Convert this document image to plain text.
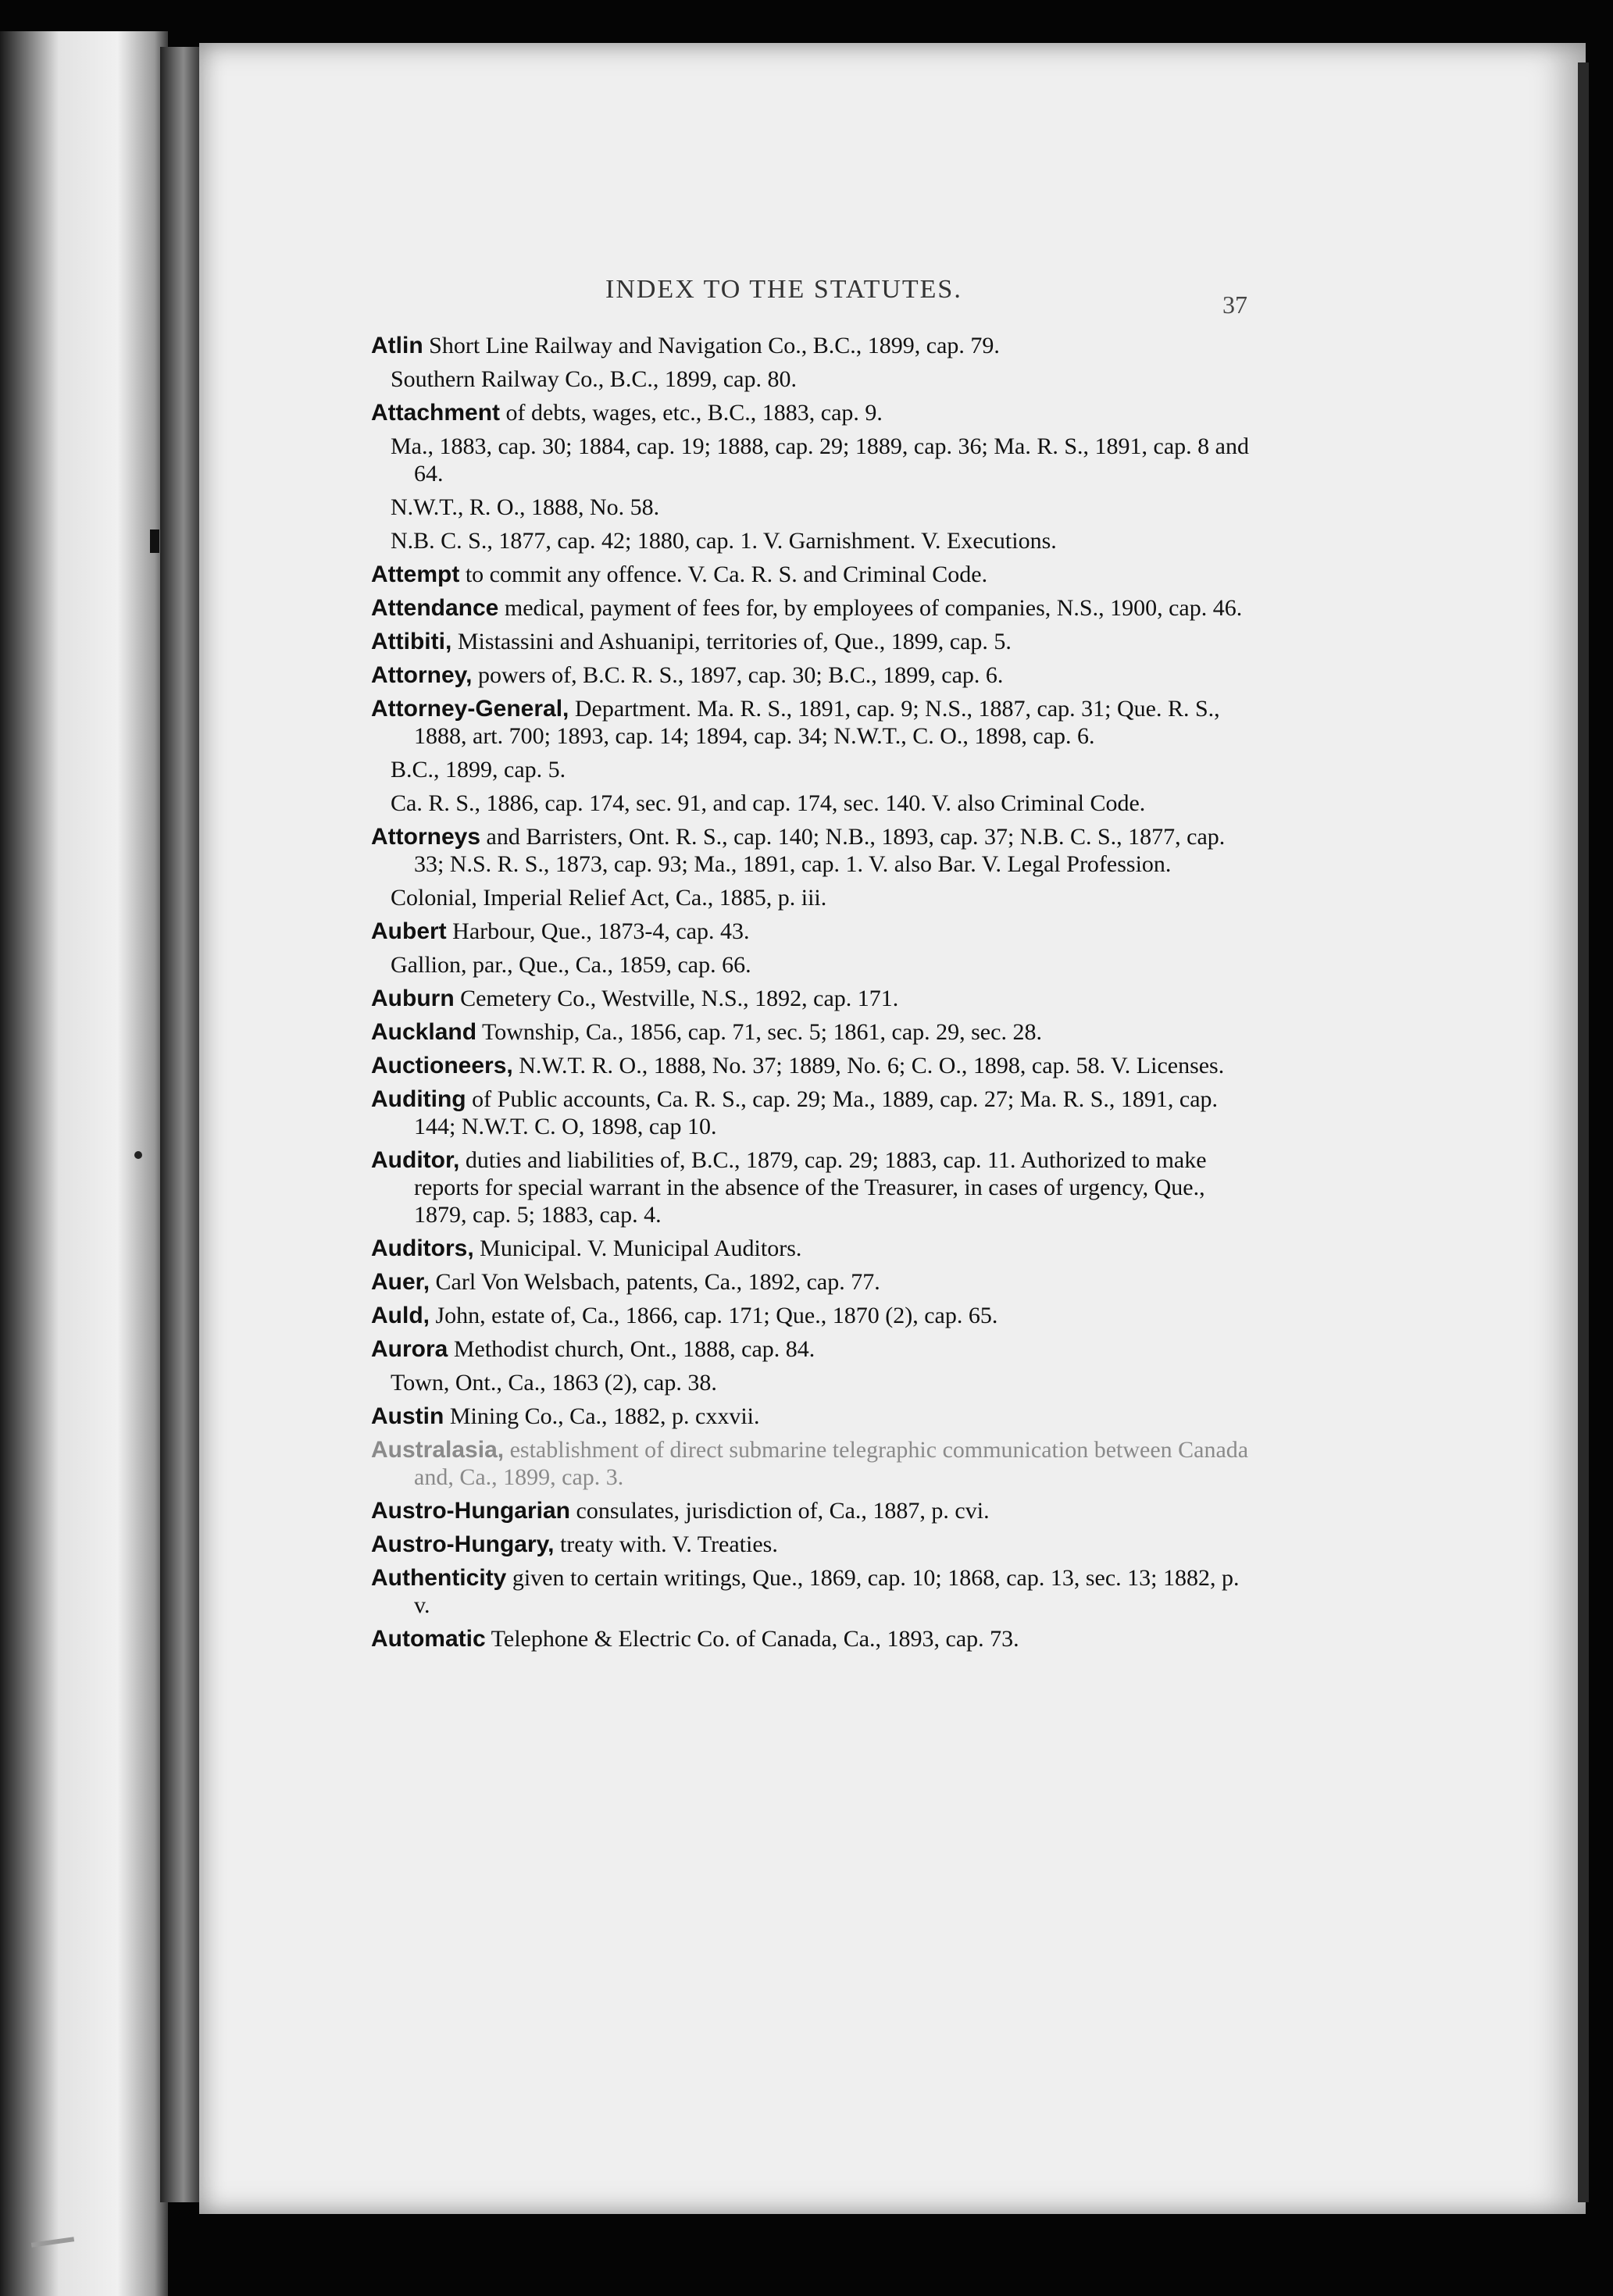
INDEX TO THE STATUTES.
37
Atlin Short Line Railway and Navigation Co., B.C., 1899, cap. 79.
Southern Railway Co., B.C., 1899, cap. 80.
Attachment of debts, wages, etc., B.C., 1883, cap. 9.
Ma., 1883, cap. 30; 1884, cap. 19; 1888, cap. 29; 1889, cap. 36; Ma. R. S., 1891, cap. 8 and 64.
N.W.T., R. O., 1888, No. 58.
N.B. C. S., 1877, cap. 42; 1880, cap. 1. V. Garnishment. V. Executions.
Attempt to commit any offence. V. Ca. R. S. and Criminal Code.
Attendance medical, payment of fees for, by employees of companies, N.S., 1900, cap. 46.
Attibiti, Mistassini and Ashuanipi, territories of, Que., 1899, cap. 5.
Attorney, powers of, B.C. R. S., 1897, cap. 30; B.C., 1899, cap. 6.
Attorney-General, Department. Ma. R. S., 1891, cap. 9; N.S., 1887, cap. 31; Que. R. S., 1888, art. 700; 1893, cap. 14; 1894, cap. 34; N.W.T., C. O., 1898, cap. 6.
B.C., 1899, cap. 5.
Ca. R. S., 1886, cap. 174, sec. 91, and cap. 174, sec. 140. V. also Criminal Code.
Attorneys and Barristers, Ont. R. S., cap. 140; N.B., 1893, cap. 37; N.B. C. S., 1877, cap. 33; N.S. R. S., 1873, cap. 93; Ma., 1891, cap. 1. V. also Bar. V. Legal Profession.
Colonial, Imperial Relief Act, Ca., 1885, p. iii.
Aubert Harbour, Que., 1873-4, cap. 43.
Gallion, par., Que., Ca., 1859, cap. 66.
Auburn Cemetery Co., Westville, N.S., 1892, cap. 171.
Auckland Township, Ca., 1856, cap. 71, sec. 5; 1861, cap. 29, sec. 28.
Auctioneers, N.W.T. R. O., 1888, No. 37; 1889, No. 6; C. O., 1898, cap. 58. V. Licenses.
Auditing of Public accounts, Ca. R. S., cap. 29; Ma., 1889, cap. 27; Ma. R. S., 1891, cap. 144; N.W.T. C. O, 1898, cap 10.
Auditor, duties and liabilities of, B.C., 1879, cap. 29; 1883, cap. 11. Authorized to make reports for special warrant in the absence of the Treasurer, in cases of urgency, Que., 1879, cap. 5; 1883, cap. 4.
Auditors, Municipal. V. Municipal Auditors.
Auer, Carl Von Welsbach, patents, Ca., 1892, cap. 77.
Auld, John, estate of, Ca., 1866, cap. 171; Que., 1870 (2), cap. 65.
Aurora Methodist church, Ont., 1888, cap. 84.
Town, Ont., Ca., 1863 (2), cap. 38.
Austin Mining Co., Ca., 1882, p. cxxvii.
Australasia, establishment of direct submarine telegraphic communication between Canada and, Ca., 1899, cap. 3.
Austro-Hungarian consulates, jurisdiction of, Ca., 1887, p. cvi.
Austro-Hungary, treaty with. V. Treaties.
Authenticity given to certain writings, Que., 1869, cap. 10; 1868, cap. 13, sec. 13; 1882, p. v.
Automatic Telephone & Electric Co. of Canada, Ca., 1893, cap. 73.
